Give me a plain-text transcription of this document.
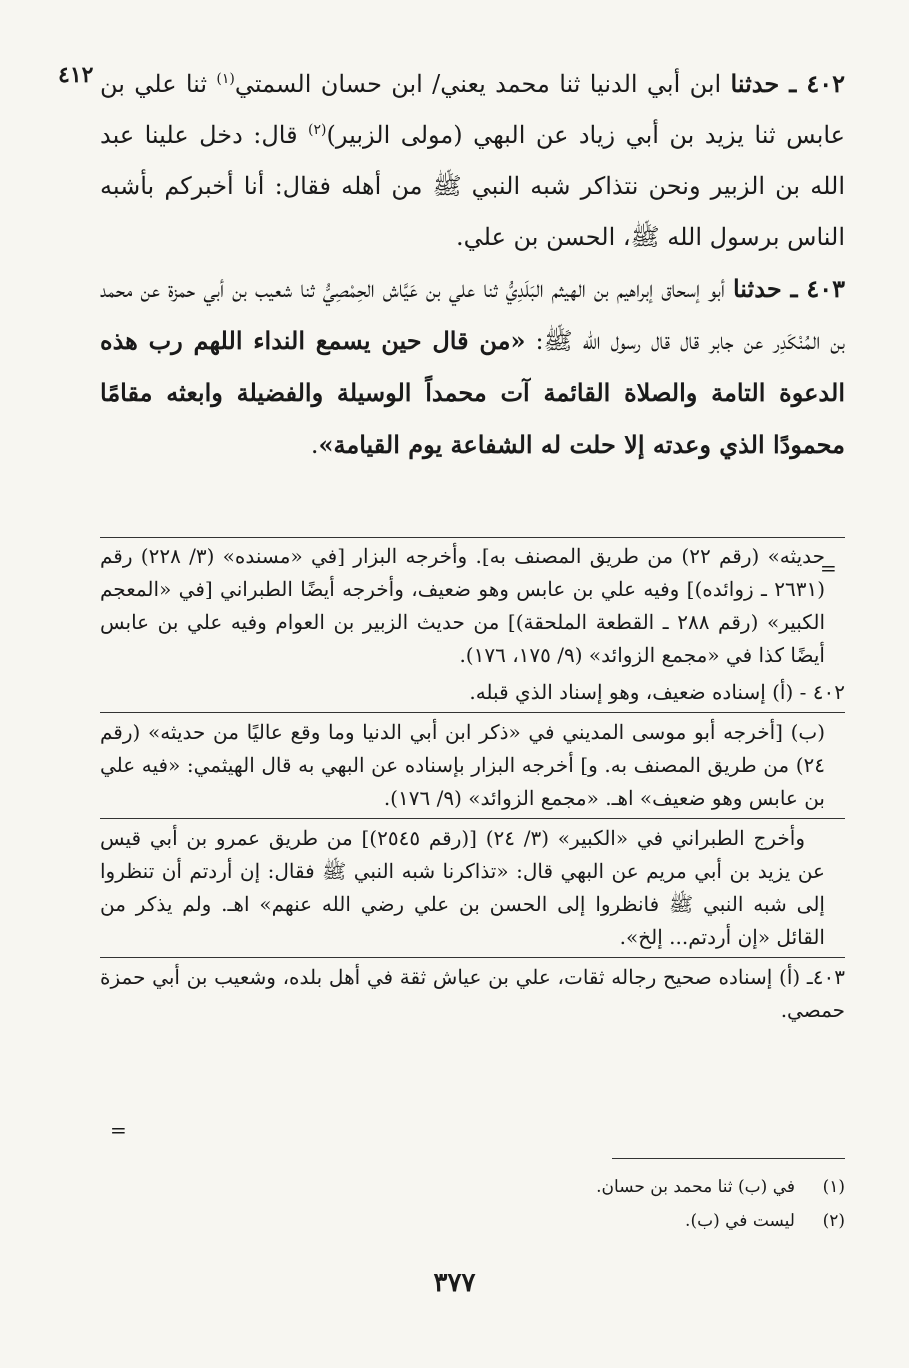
٤١٢	٤٠٢ ـ حدثنا ابن أبي الدنيا ثنا محمد يعني/ ابن حسان السمتي$^{(١)}$ ثنا علي بن عابس ثنا يزيد بن أبي زياد عن البهي (مولى الزبير)$^{(٢)}$ قال: دخل علينا عبد الله بن الزبير ونحن نتذاكر شبه النبي ﷺ من أهله فقال: أنا أخبركم بأشبه الناس برسول الله ﷺ، الحسن بن علي.

٤٠٣ ـ حدثنا أبو إسحاق إبراهيم بن الهيثم البَلَدِيُّ ثنا علي بن عَيَّاش الحِمْصِيُّ ثنا شعيب بن أبي حمزة عن محمد بن المُنْكَدِر عن جابر قال قال رسول الله ﷺ: «من قال حين يسمع النداء اللهم رب هذه الدعوة التامة والصلاة القائمة آت محمداً الوسيلة والفضيلة وابعثه مقامًا محمودًا الذي وعدته إلا حلت له الشفاعة يوم القيامة».

=

حديثه» (رقم ٢٢) من طريق المصنف به]. وأخرجه البزار [في «مسنده» (٣/ ٢٢٨) رقم (٢٦٣١ ـ زوائده)] وفيه علي بن عابس وهو ضعيف، وأخرجه أيضًا الطبراني [في «المعجم الكبير» (رقم ٢٨٨ ـ القطعة الملحقة)] من حديث الزبير بن العوام وفيه علي بن عابس أيضًا كذا في «مجمع الزوائد» (٩/ ١٧٥، ١٧٦).

٤٠٢ - (أ) إسناده ضعيف، وهو إسناد الذي قبله.

(ب) [أخرجه أبو موسى المديني في «ذكر ابن أبي الدنيا وما وقع عاليًا من حديثه» (رقم ٢٤) من طريق المصنف به. و] أخرجه البزار بإسناده عن البهي به قال الهيثمي: «فيه علي بن عابس وهو ضعيف» اهـ. «مجمع الزوائد» (٩/ ١٧٦).

وأخرج الطبراني في «الكبير» (٣/ ٢٤) [(رقم ٢٥٤٥)] من طريق عمرو بن أبي قيس عن يزيد بن أبي مريم عن البهي قال: «تذاكرنا شبه النبي ﷺ فقال: إن أردتم أن تنظروا إلى شبه النبي ﷺ فانظروا إلى الحسن بن علي رضي الله عنهم» اهـ. ولم يذكر من القائل «إن أردتم... إلخ».

٤٠٣ـ (أ) إسناده صحيح رجاله ثقات، علي بن عياش ثقة في أهل بلده، وشعيب بن أبي حمزة حمصي.

=
(١)
في (ب) ثنا محمد بن حسان.
(٢)
ليست في (ب).
٣٧٧
